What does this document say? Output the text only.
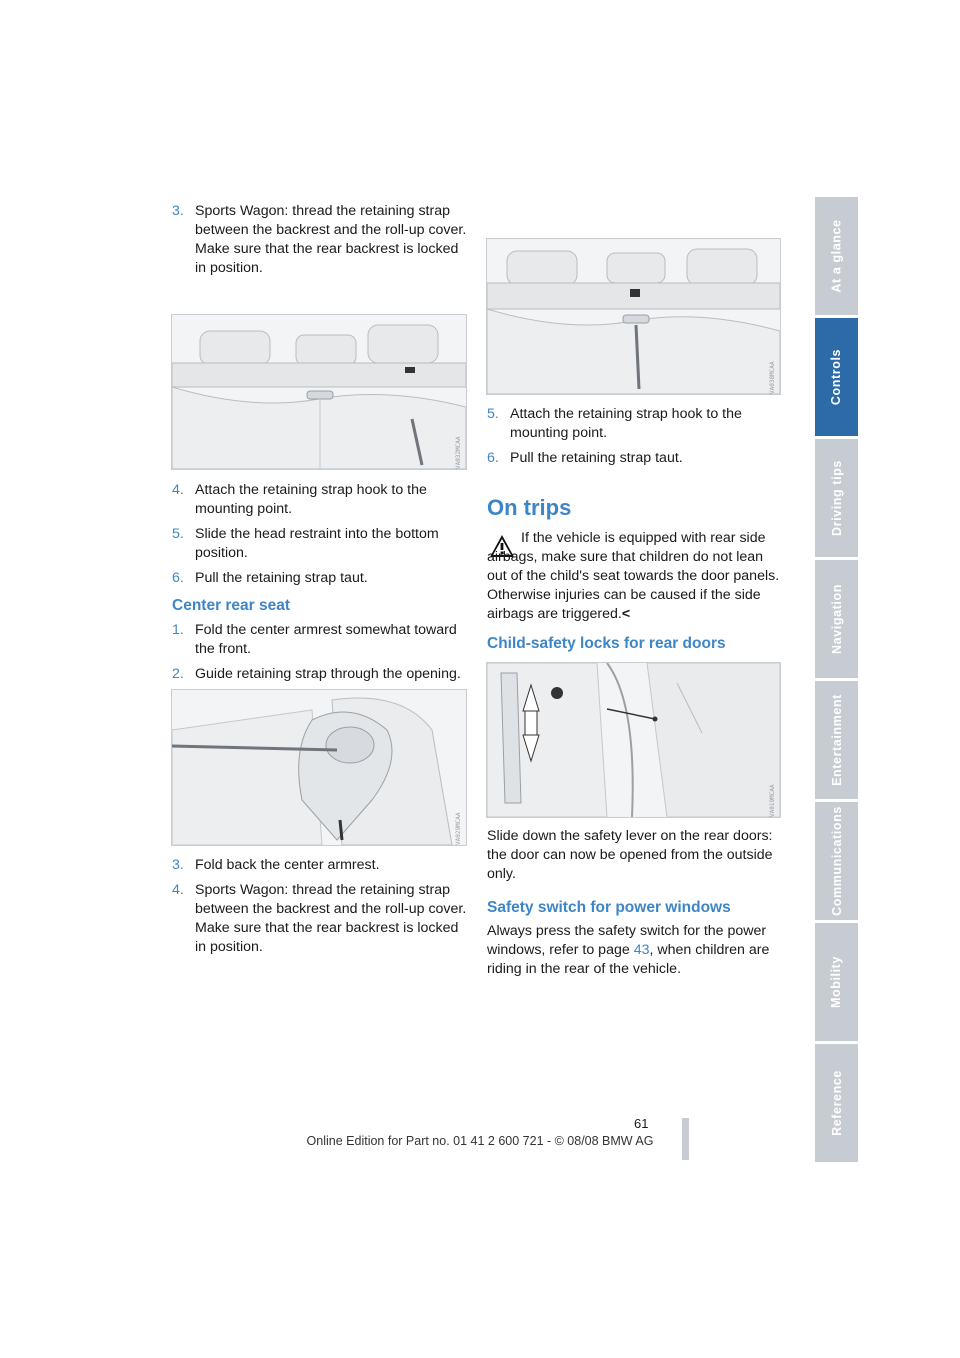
3. Sports Wagon: thread the retaining strap between the backrest and the roll-up cover. Make sure that the rear backrest is locked in position.
VA032MCAA
4. Attach the retaining strap hook to the mounting point.
5. Slide the head restraint into the bottom position.
6. Pull the retaining strap taut.
Center rear seat
1. Fold the center armrest somewhat toward the front.
2. Guide retaining strap through the opening.
VA029MCAA
3. Fold back the center armrest.
4. Sports Wagon: thread the retaining strap between the backrest and the roll-up cover. Make sure that the rear backrest is locked in position.
VA038MCAA
5. Attach the retaining strap hook to the mounting point.
6. Pull the retaining strap taut.
On trips
If the vehicle is equipped with rear side airbags, make sure that children do not lean out of the child's seat towards the door panels. Otherwise injuries can be caused if the side airbags are triggered.<
Child-safety locks for rear doors
VA019MCAA
Slide down the safety lever on the rear doors: the door can now be opened from the outside only.
Safety switch for power windows
Always press the safety switch for the power windows, refer to page 43, when children are riding in the rear of the vehicle.
At a glance
Controls
Driving tips
Navigation
Entertainment
Communications
Mobility
Reference
61
Online Edition for Part no. 01 41 2 600 721 - © 08/08 BMW AG
